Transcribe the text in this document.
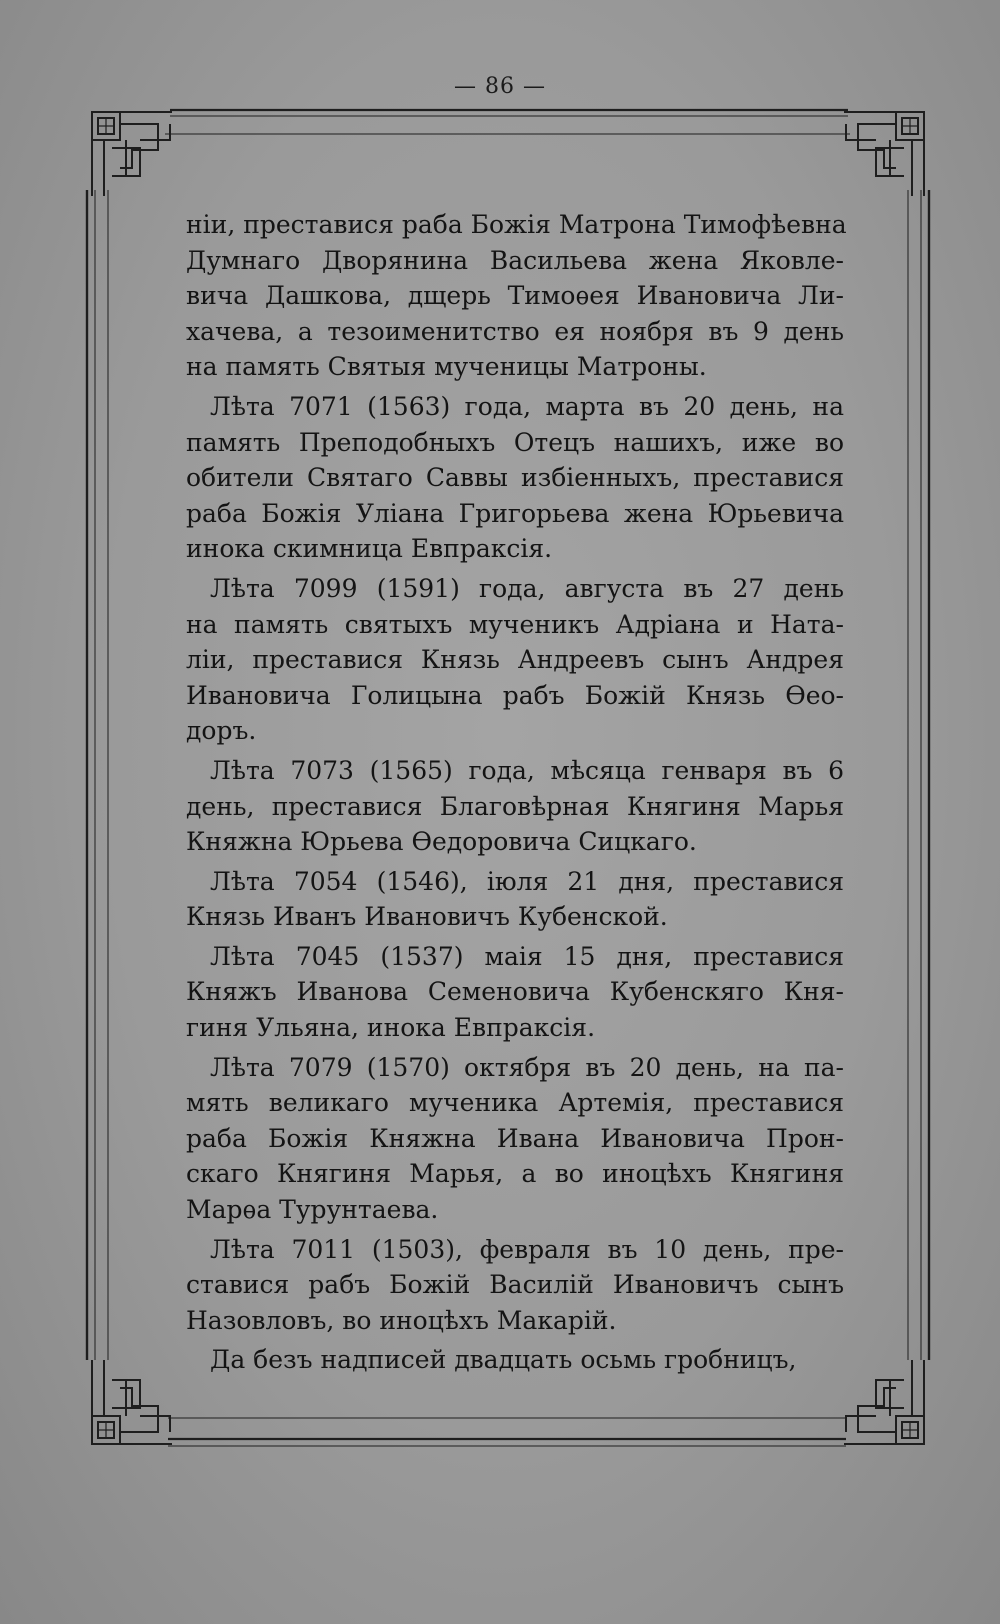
— 86 —

ніи, преставися раба Божія Матрона Тимофѣевна
Думнаго Дворянина Васильева жена Яковле-
вича Дашкова, дщерь Тимоѳея Ивановича Ли-
хачева, а тезоименитство ея ноября въ 9 день
на память Святыя мученицы Матроны.

Лѣта 7071 (1563) года, марта въ 20 день, на
память Преподобныхъ Отецъ нашихъ, иже во
обители Святаго Саввы избіенныхъ, преставися
раба Божія Уліана Григорьева жена Юрьевича
инока скимница Евпраксія.

Лѣта 7099 (1591) года, августа въ 27 день
на память святыхъ мученикъ Адріана и Ната-
ліи, преставися Князь Андреевъ сынъ Андрея
Ивановича Голицына рабъ Божій Князь Ѳео-
доръ.

Лѣта 7073 (1565) года, мѣсяца генваря въ 6
день, преставися Благовѣрная Княгиня Марья
Княжна Юрьева Ѳедоровича Сицкаго.

Лѣта 7054 (1546), іюля 21 дня, преставися
Князь Иванъ Ивановичъ Кубенской.

Лѣта 7045 (1537) маія 15 дня, преставися
Княжъ Иванова Семеновича Кубенскяго Кня-
гиня Ульяна, инока Евпраксія.

Лѣта 7079 (1570) октября въ 20 день, на па-
мять великаго мученика Артемія, преставися
раба Божія Княжна Ивана Ивановича Прон-
скаго Княгиня Марья, а во иноцѣхъ Княгиня
Марѳа Турунтаева.

Лѣта 7011 (1503), февраля въ 10 день, пре-
ставися рабъ Божій Василій Ивановичъ сынъ
Назовловъ, во иноцѣхъ Макарій.

Да безъ надписей двадцать осьмь гробницъ,
